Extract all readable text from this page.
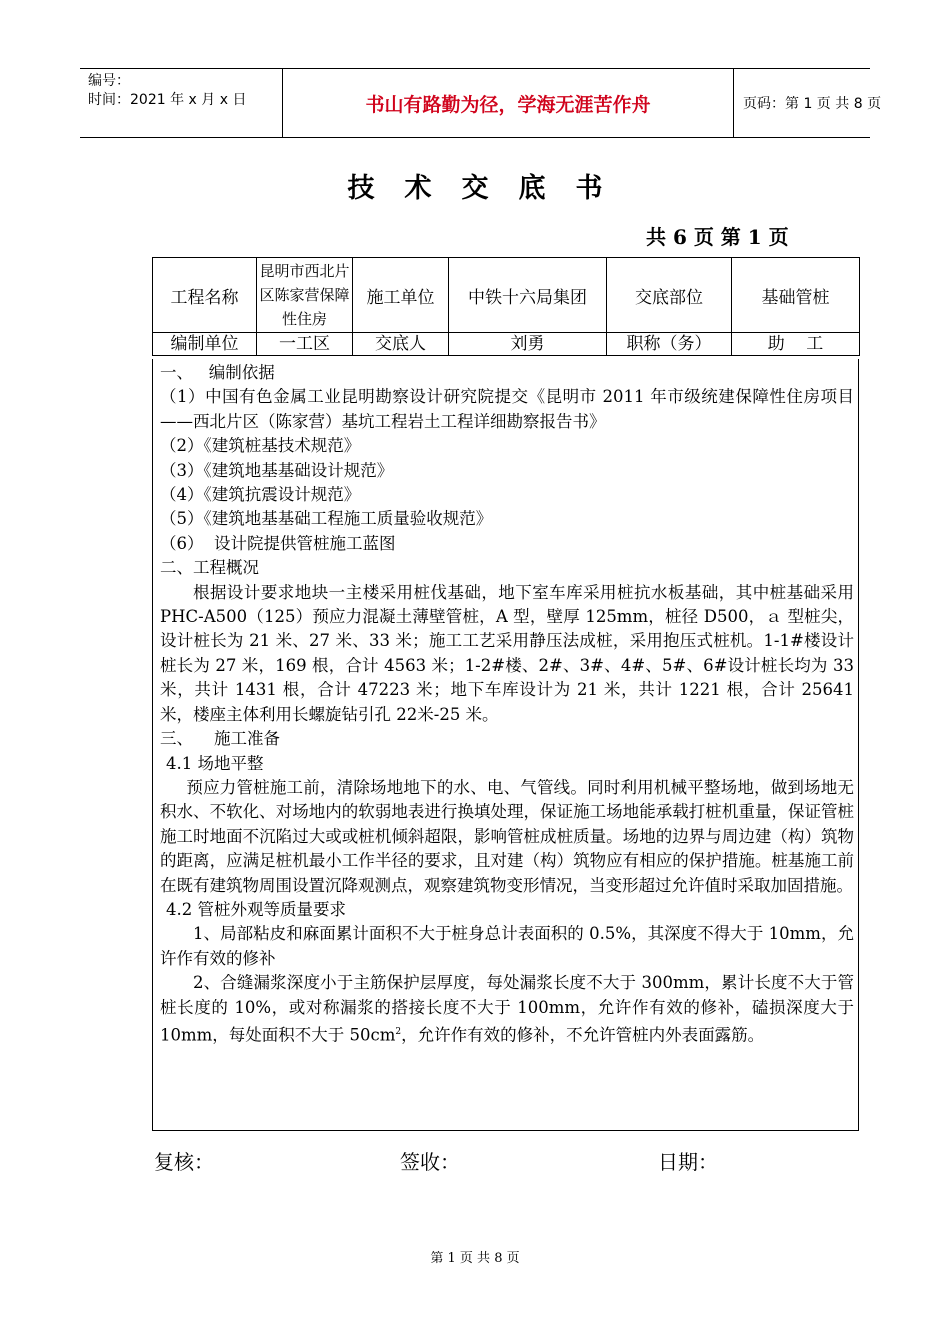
编号：
时间：2021 年 x 月 x 日	书山有路勤为径，学海无涯苦作舟	页码：第 1 页 共 8 页
技术交底书
共 6 页 第 1 页
工程名称	昆明市西北片区陈家营保障性住房	施工单位	中铁十六局集团	交底部位	基础管桩
编制单位	一工区	交底人	刘勇	职称（务）	助    工

一、   编制依据

（1）中国有色金属工业昆明勘察设计研究院提交《昆明市 2011 年市级统建保障性住房项目 ——西北片区（陈家营）基坑工程岩土工程详细勘察报告书》

（2）《建筑桩基技术规范》

（3）《建筑地基基础设计规范》

（4）《建筑抗震设计规范》

（5）《建筑地基基础工程施工质量验收规范》

（6）  设计院提供管桩施工蓝图

二、工程概况

根据设计要求地块一主楼采用桩伐基础，地下室车库采用桩抗水板基础，其中桩基础采用 PHC-A500（125）预应力混凝土薄壁管桩，A 型，壁厚 125mm，桩径 D500，ａ 型桩尖，设计桩长为 21 米、27 米、33 米；施工工艺采用静压法成桩，采用抱压式桩机。1-1#楼设计桩长为 27 米，169 根，合计 4563 米；1-2#楼、2#、3#、4#、5#、6#设计桩长均为 33 米，共计 1431 根，合计 47223 米；地下车库设计为 21 米，共计 1221 根，合计 25641 米，楼座主体利用长螺旋钻引孔 22米-25 米。

三、    施工准备

4.1 场地平整

预应力管桩施工前，清除场地地下的水、电、气管线。同时利用机械平整场地，做到场地无积水、不软化、对场地内的软弱地表进行换填处理，保证施工场地能承载打桩机重量，保证管桩施工时地面不沉陷过大或或桩机倾斜超限，影响管桩成桩质量。场地的边界与周边建（构）筑物的距离，应满足桩机最小工作半径的要求，且对建（构）筑物应有相应的保护措施。桩基施工前在既有建筑物周围设置沉降观测点，观察建筑物变形情况，当变形超过允许值时采取加固措施。

4.2 管桩外观等质量要求

1、局部粘皮和麻面累计面积不大于桩身总计表面积的 0.5%，其深度不得大于 10mm，允许作有效的修补

2、合缝漏浆深度小于主筋保护层厚度，每处漏浆长度不大于 300mm，累计长度不大于管桩长度的 10%，或对称漏浆的搭接长度不大于 100mm，允许作有效的修补，磕损深度大于 10mm，每处面积不大于 $50cm^2$，允许作有效的修补，不允许管桩内外表面露筋。

复核：	签收：	日期：
第 1 页 共 8 页
